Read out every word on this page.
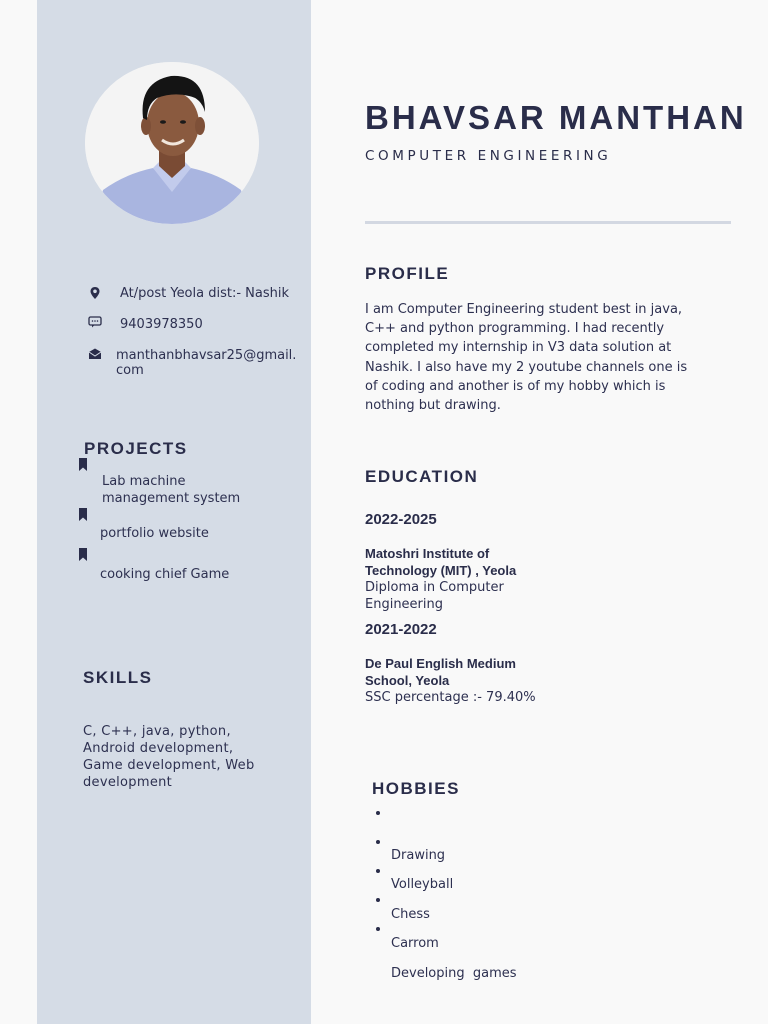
At/post Yeola dist:- Nashik
9403978350
manthanbhavsar25@gmail.
com
PROJECTS
Lab machine
management system
portfolio website
cooking chief Game
SKILLS
C, C++, java, python, Android development, Game development, Web development
BHAVSAR MANTHAN
COMPUTER ENGINEERING
PROFILE
I am Computer Engineering student best in java, C++ and python programming. I had recently completed my internship in V3 data solution at Nashik. I also have my 2 youtube channels one is of coding and another is of my hobby which is nothing but drawing.
EDUCATION
2022-2025
Matoshri Institute of Technology (MIT) , Yeola
Diploma in Computer Engineering
2021-2022
De Paul English Medium School, Yeola
SSC percentage :- 79.40%
HOBBIES
Drawing
Volleyball
Chess
Carrom
Developing  games
